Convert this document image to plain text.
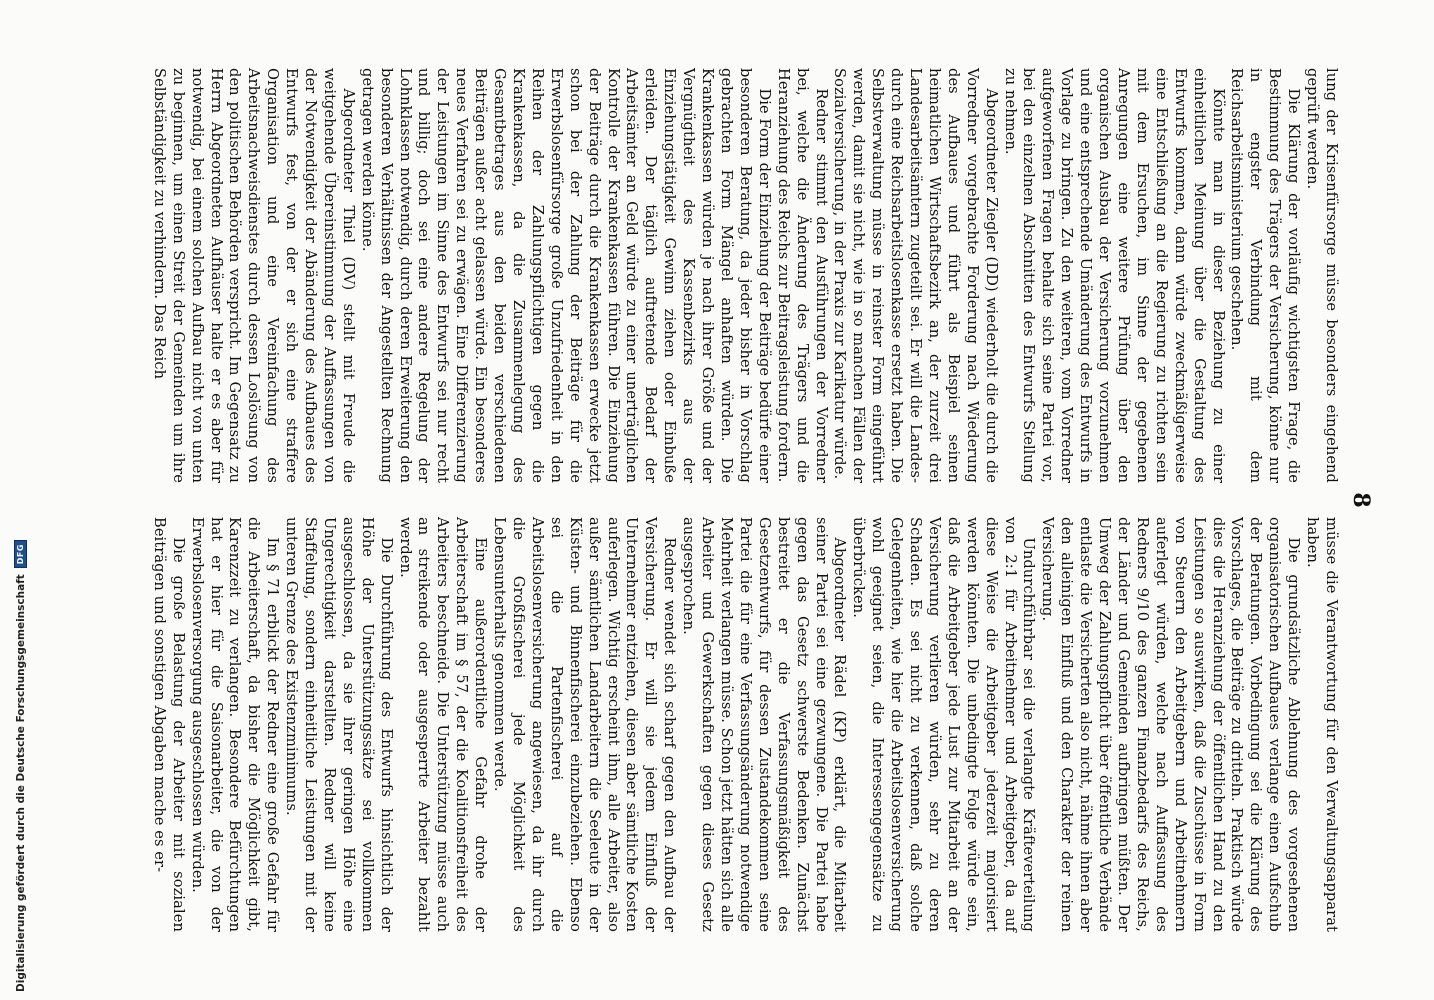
8

lung der Krisenfürsorge müsse besonders eingehend geprüft werden.

Die Klärung der vorläufig wichtigsten Frage, die Bestimmung des Trägers der Versicherung, könne nur in engster Verbindung mit dem Reichsarbeitsministerium geschehen.

Könnte man in dieser Beziehung zu einer einheitlichen Meinung über die Gestaltung des Entwurfs kommen, dann würde zweckmäßigerweise eine Entschließung an die Regierung zu richten sein mit dem Ersuchen, im Sinne der gegebenen Anregungen eine weitere Prüfung über den organischen Ausbau der Versicherung vorzunehmen und eine entsprechende Umänderung des Entwurfs in Vorlage zu bringen. Zu den weiteren, vom Vorredner aufgeworfenen Fragen behalte sich seine Partei vor, bei den einzelnen Abschnitten des Entwurfs Stellung zu nehmen.

Abgeordneter Ziegler (DD) wiederholt die durch die Vorredner vorgebrachte Forderung nach Wiederung des Aufbaues und führt als Beispiel seinen heimatlichen Wirtschaftsbezirk an, der zurzeit drei Landesarbeitsämtern zugeteilt sei. Er will die Landes- durch eine Reichsarbeitslosenkasse ersetzt haben. Die Selbstverwaltung müsse in reinster Form eingeführt werden, damit sie nicht, wie in so manchen Fällen der Sozialversicherung, in der Praxis zur Karikatur würde.

Redner stimmt den Ausführungen der Vorredner bei, welche die Änderung des Trägers und die Heranziehung des Reichs zur Beitragsleistung fordern.

Die Form der Einziehung der Beiträge bedürfe einer besonderen Beratung, da jeder bisher in Vorschlag gebrachten Form Mängel anhaften würden. Die Krankenkassen würden je nach ihrer Größe und der Vergnügtheit des Kassenbezirks aus der Einziehungstätigkeit Gewinn ziehen oder Einbuße erleiden. Der täglich auftretende Bedarf der Arbeitsämter an Geld würde zu einer unerträglichen Kontrolle der Krankenkassen führen. Die Einziehung der Beiträge durch die Krankenkassen erwecke jetzt schon bei der Zahlung der Beiträge für die Erwerbslosenfürsorge große Unzufriedenheit in den Reihen der Zahlungspflichtigen gegen die Krankenkassen, da die Zusammenlegung des Gesamtbetrages aus den beiden verschiedenen Beiträgen außer acht gelassen würde. Ein besonderes neues Verfahren sei zu erwägen. Eine Differenzierung der Leistungen im Sinne des Entwurfs sei nur recht und billig; doch sei eine andere Regelung der Lohnklassen notwendig, durch deren Erweiterung den besonderen Verhältnissen der Angestellten Rechnung getragen werden könne.

Abgeordneter Thiel (DV) stellt mit Freude die weitgehende Übereinstimmung der Auffassungen von der Notwendigkeit der Abänderung des Aufbaues des Entwurfs fest, von der er sich eine straffere Organisation und eine Vereinfachung des Arbeitsnachweisdienstes durch dessen Loslösung von den politischen Behörden verspricht. Im Gegensatz zu Herrn Abgeordneten Aufhäuser halte er es aber für notwendig, bei einem solchen Aufbau nicht von unten zu beginnen, um einen Streit der Gemeinden um ihre Selbständigkeit zu verhindern. Das Reich

müsse die Verantwortung für den Verwaltungsapparat haben.

Die grundsätzliche Ablehnung des vorgesehenen organisatorischen Aufbaues verlange einen Aufschub der Beratungen. Vorbedingung sei die Klärung des Vorschlages, die Beiträge zu dritteln. Praktisch würde dies die Heranziehung der öffentlichen Hand zu den Leistungen so auswirken, daß die Zuschüsse in Form von Steuern den Arbeitgebern und Arbeitnehmern auferlegt würden, welche nach Auffassung des Redners 9/10 des ganzen Finanzbedarfs des Reichs, der Länder und Gemeinden aufbringen müßten. Der Umweg der Zahlungspflicht über öffentliche Verbände entlaste die Versicherten also nicht, nähme ihnen aber den alleinigen Einfluß und den Charakter der reinen Versicherung.

Undurchführbar sei die verlangte Kräfteverteilung von 2:1 für Arbeitnehmer und Arbeitgeber, da auf diese Weise die Arbeitgeber jederzeit majorisiert werden könnten. Die unbedingte Folge würde sein, daß die Arbeitgeber jede Lust zur Mitarbeit an der Versicherung verlieren würden, sehr zu deren Schaden. Es sei nicht zu verkennen, daß solche Gelegenheiten, wie hier die Arbeitslosenversicherung wohl geeignet seien, die Interessengegensätze zu überbrücken.

Abgeordneter Rädel (KP) erklärt, die Mitarbeit seiner Partei sei eine gezwungene. Die Partei habe gegen das Gesetz schwerste Bedenken. Zunächst bestreitet er die Verfassungsmäßigkeit des Gesetzentwurfs, für dessen Zustandekommen seine Partei die für eine Verfassungsänderung notwendige Mehrheit verlangen müsse. Schon jetzt hätten sich alle Arbeiter und Gewerkschaften gegen dieses Gesetz ausgesprochen.

Redner wendet sich scharf gegen den Aufbau der Versicherung. Er will sie jedem Einfluß der Unternehmer entziehen, diesen aber sämtliche Kosten auferlegen. Wichtig erscheint ihm, alle Arbeiter, also außer sämtlichen Landarbeitern die Seeleute in der Küsten- und Binnenfischerei einzubeziehen. Ebenso sei die Partenfischerei auf die Arbeitslosenversicherung angewiesen, da ihr durch die Großfischerei jede Möglichkeit des Lebensunterhalts genommen werde.

Eine außerordentliche Gefahr drohe der Arbeiterschaft im § 57, der die Koalitionsfreiheit des Arbeiters beschneide. Die Unterstützung müsse auch an streikende oder ausgesperrte Arbeiter bezahlt werden.

Die Durchführung des Entwurfs hinsichtlich der Höhe der Unterstützungssätze sei vollkommen ausgeschlossen, da sie ihrer geringen Höhe eine Ungerechtigkeit darstellten. Redner will keine Staffelung, sondern einheitliche Leistungen mit der unteren Grenze des Existenzminimums.

Im § 71 erblickt der Redner eine große Gefahr für die Arbeiterschaft, da bisher die Möglichkeit gibt, Karenzzeit zu verlangen. Besondere Befürchtungen hat er hier für die Saisonarbeiter, die von der Erwerbslosenversorgung ausgeschlossen würden.

Die große Belastung der Arbeiter mit sozialen Beiträgen und sonstigen Abgaben mache es er-

Digitalisierung gefördert durch die Deutsche Forschungsgemeinschaft
DFG
